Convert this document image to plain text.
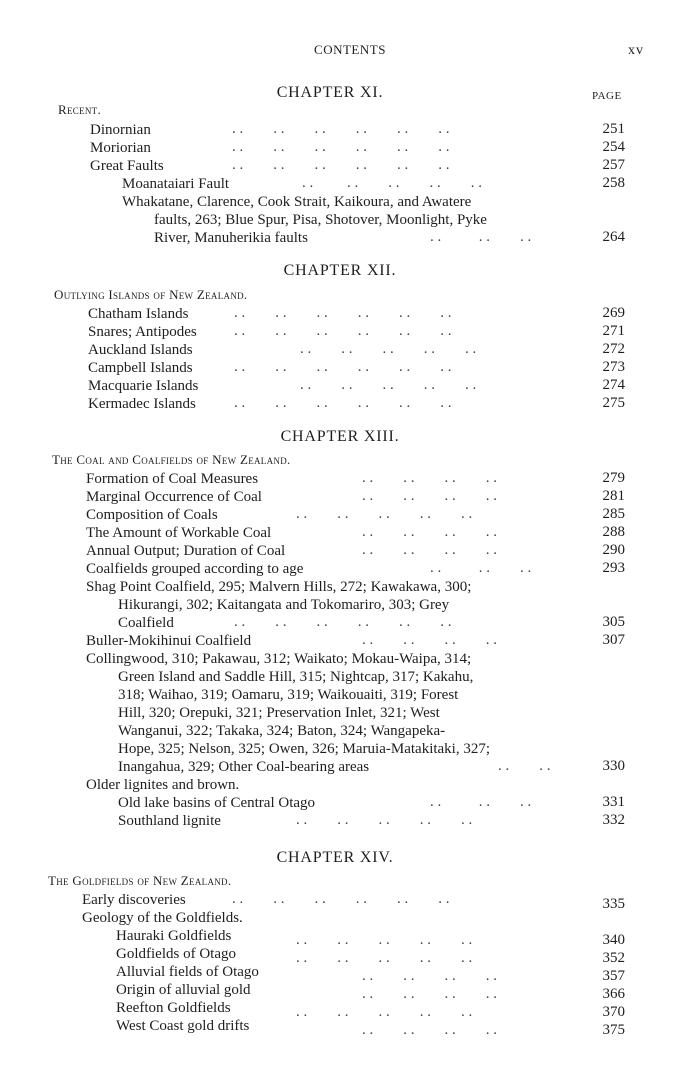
CONTENTS	xv
CHAPTER XI.	PAGE
Recent.
Dinornian	. .        . .        . .        . .        . .        . .	251
Moriorian	. .        . .        . .        . .        . .        . .	254
Great Faults	. .        . .        . .        . .        . .        . .	257
Moanataiari Fault	. .         . .        . .        . .        . .	258
Whakatane, Clarence, Cook Strait, Kaikoura, and Awatere
faults, 263; Blue Spur, Pisa, Shotover, Moonlight, Pyke
River, Manuherikia faults	. .          . .        . .	264
CHAPTER XII.
Outlying Islands of New Zealand.
Chatham Islands	. .        . .        . .        . .        . .        . .	269
Snares; Antipodes . .        . .        . .        . .        . .        . .	271
Auckland Islands	. .        . .        . .        . .        . .	272
Campbell Islands	. .        . .        . .        . .        . .        . .	273
Macquarie Islands	. .        . .        . .        . .        . .	274
Kermadec Islands	. .        . .        . .        . .        . .        . .	275
CHAPTER XIII.
The Coal and Coalfields of New Zealand.
Formation of Coal Measures	. .        . .        . .        . .	279
Marginal Occurrence of Coal	. .        . .        . .        . .	281
Composition of Coals	. .        . .        . .        . .        . .	285
The Amount of Workable Coal	. .        . .        . .        . .	288
Annual Output; Duration of Coal	. .        . .        . .        . .	290
Coalfields grouped according to age	. .          . .        . .	293
Shag Point Coalfield, 295; Malvern Hills, 272; Kawakawa, 300;
Hikurangi, 302; Kaitangata and Tokomariro, 303; Grey
Coalfield	. .        . .        . .        . .        . .        . .	305
Buller-Mokihinui Coalfield	. .        . .        . .        . .	307
Collingwood, 310; Pakawau, 312; Waikato; Mokau-Waipa, 314;
Green Island and Saddle Hill, 315; Nightcap, 317; Kakahu,
318; Waihao, 319; Oamaru, 319; Waikouaiti, 319; Forest
Hill, 320; Orepuki, 321; Preservation Inlet, 321; West
Wanganui, 322; Takaka, 324; Baton, 324; Wangapeka-
Hope, 325; Nelson, 325; Owen, 326; Maruia-Matakitaki, 327;
Inangahua, 329; Other Coal-bearing areas	. .        . .	330
Older lignites and brown.
Old lake basins of Central Otago	. .          . .        . .	331
Southland lignite	. .        . .        . .        . .        . .	332
CHAPTER XIV.
The Goldfields of New Zealand.
Early discoveries	. .        . .        . .        . .        . .        . .	335
Geology of the Goldfields.
Hauraki Goldfields	. .        . .        . .        . .        . .	340
Goldfields of Otago	. .        . .        . .        . .        . .	352
Alluvial fields of Otago	. .        . .        . .        . .	357
Origin of alluvial gold	. .        . .        . .        . .	366
Reefton Goldfields	. .        . .        . .        . .        . .	370
West Coast gold drifts	. .        . .        . .        . .	375
